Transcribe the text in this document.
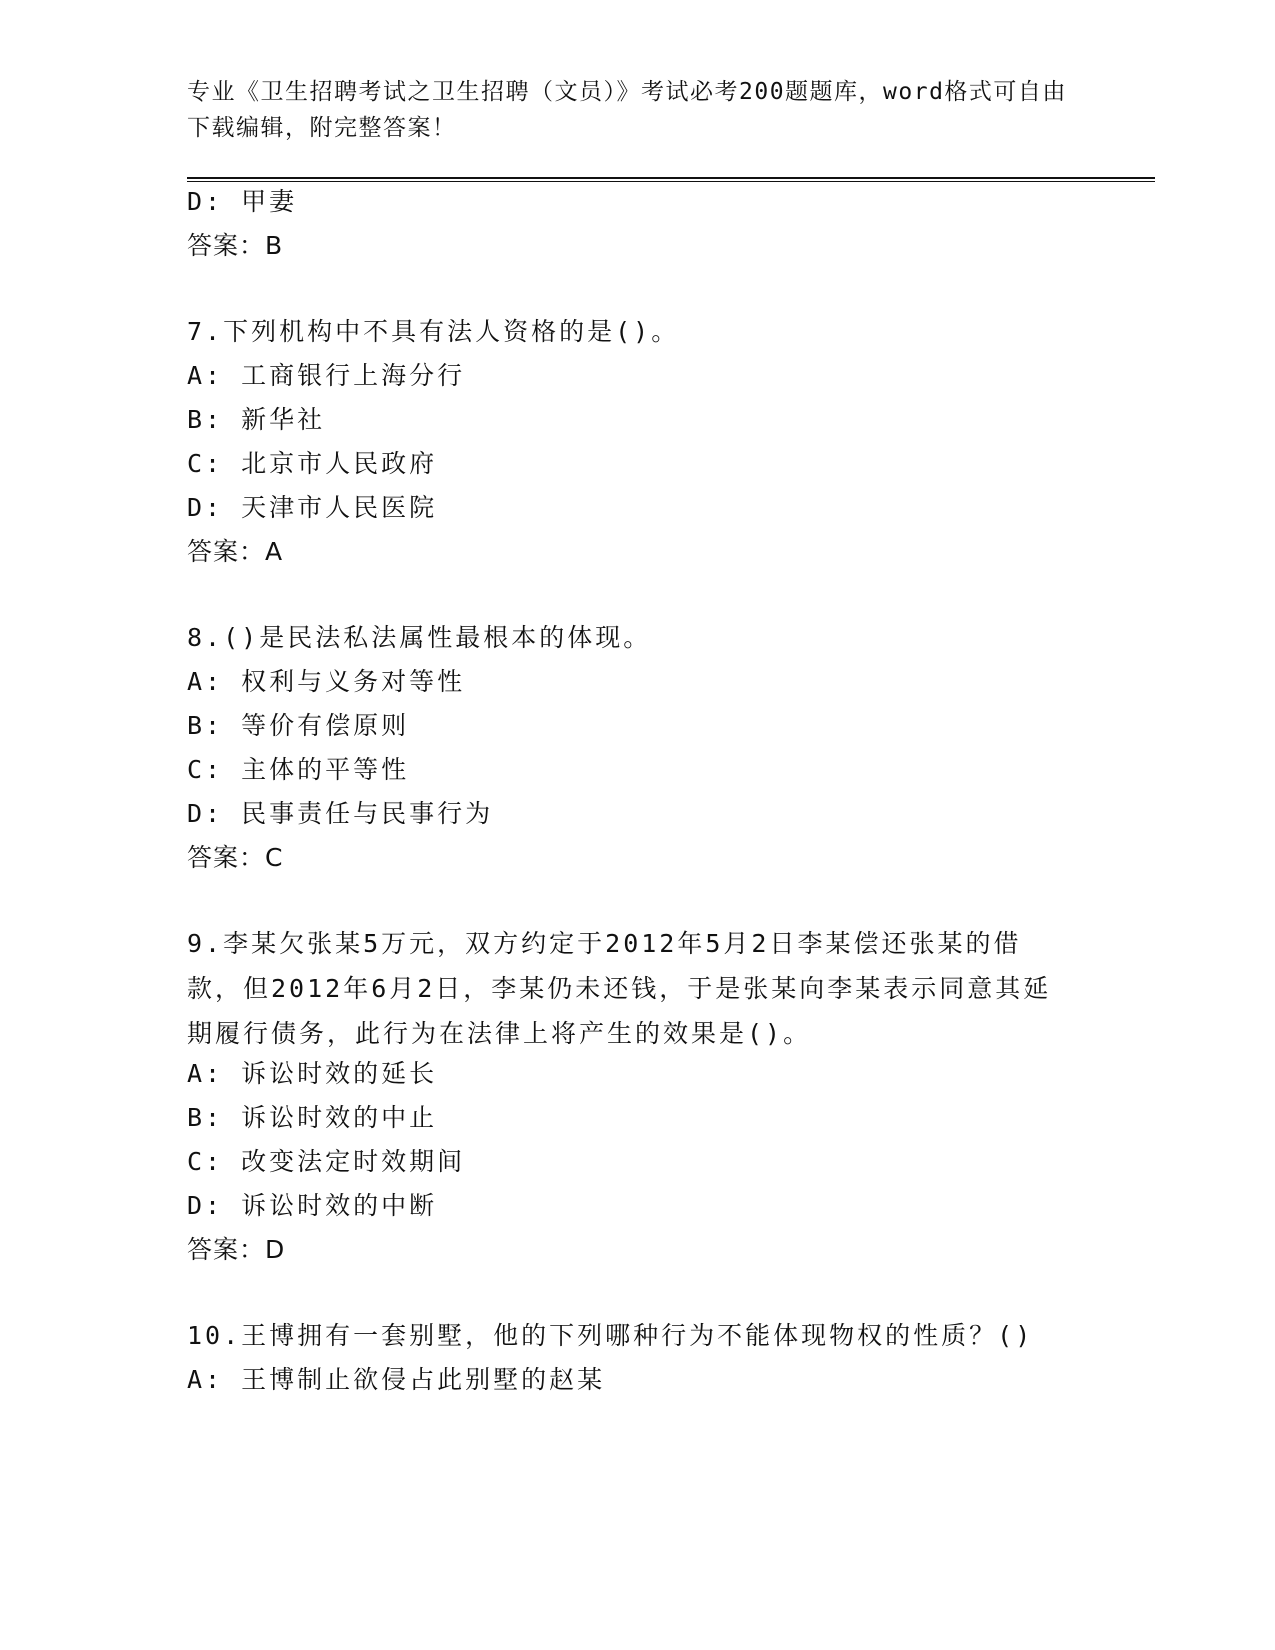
专业《卫生招聘考试之卫生招聘（文员）》考试必考200题题库，word格式可自由下载编辑，附完整答案！
D: 甲妻
答案：B
7.下列机构中不具有法人资格的是()。
A: 工商银行上海分行
B: 新华社
C: 北京市人民政府
D: 天津市人民医院
答案：A
8.()是民法私法属性最根本的体现。
A: 权利与义务对等性
B: 等价有偿原则
C: 主体的平等性
D: 民事责任与民事行为
答案：C
9.李某欠张某5万元，双方约定于2012年5月2日李某偿还张某的借款，但2012年6月2日，李某仍未还钱，于是张某向李某表示同意其延期履行债务，此行为在法律上将产生的效果是()。
A: 诉讼时效的延长
B: 诉讼时效的中止
C: 改变法定时效期间
D: 诉讼时效的中断
答案：D
10.王博拥有一套别墅，他的下列哪种行为不能体现物权的性质？()
A: 王博制止欲侵占此别墅的赵某
